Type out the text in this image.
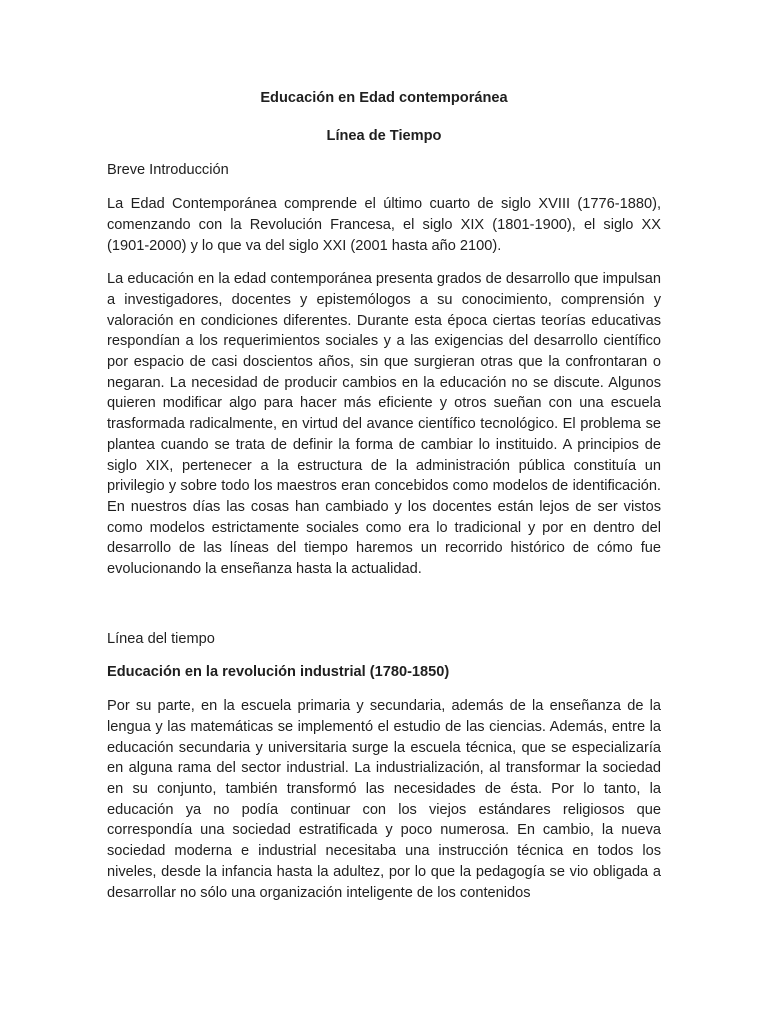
Educación en Edad contemporánea

Línea de Tiempo

Breve Introducción

La Edad Contemporánea comprende el último cuarto de siglo XVIII (1776-1880), comenzando con la Revolución Francesa, el siglo XIX (1801-1900), el siglo XX (1901-2000) y lo que va del siglo XXI (2001 hasta año 2100).

La educación en la edad contemporánea presenta grados de desarrollo que impulsan a investigadores, docentes y epistemólogos a su conocimiento, comprensión y valoración en condiciones diferentes. Durante esta época ciertas teorías educativas respondían a los requerimientos sociales y a las exigencias del desarrollo científico por espacio de casi doscientos años, sin que surgieran otras que la confrontaran o negaran. La necesidad de producir cambios en la educación no se discute. Algunos quieren modificar algo para hacer más eficiente y otros sueñan con una escuela trasformada radicalmente, en virtud del avance científico tecnológico. El problema se plantea cuando se trata de definir la forma de cambiar lo instituido. A principios de siglo XIX, pertenecer a la estructura de la administración pública constituía un privilegio y sobre todo los maestros eran concebidos como modelos de identificación. En nuestros días las cosas han cambiado y los docentes están lejos de ser vistos como modelos estrictamente sociales como era lo tradicional y por en dentro del desarrollo de las líneas del tiempo haremos un recorrido histórico de cómo fue evolucionando la enseñanza hasta la actualidad.

Línea del tiempo

Educación en la revolución industrial (1780-1850)

Por su parte, en la escuela primaria y secundaria, además de la enseñanza de la lengua y las matemáticas se implementó el estudio de las ciencias. Además, entre la educación secundaria y universitaria surge la escuela técnica, que se especializaría en alguna rama del sector industrial. La industrialización, al transformar la sociedad en su conjunto, también transformó las necesidades de ésta. Por lo tanto, la educación ya no podía continuar con los viejos estándares religiosos que correspondía una sociedad estratificada y poco numerosa. En cambio, la nueva sociedad moderna e industrial necesitaba una instrucción técnica en todos los niveles, desde la infancia hasta la adultez, por lo que la pedagogía se vio obligada a desarrollar no sólo una organización inteligente de los contenidos
